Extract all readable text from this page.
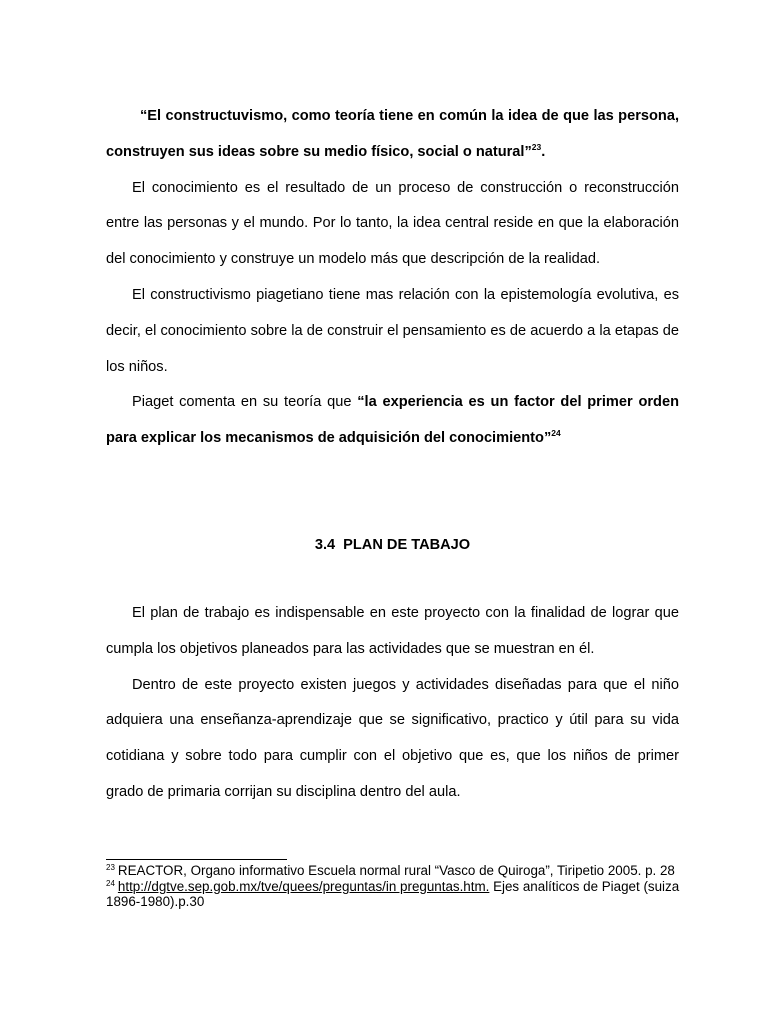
“El constructuvismo, como teoría tiene en común la idea de que las persona, construyen sus ideas sobre su medio físico, social o natural”$^{23}$.

El conocimiento es el resultado de un proceso de construcción o reconstrucción entre las personas y el mundo. Por lo tanto, la idea central reside en que la elaboración del conocimiento y construye un modelo más que descripción de la realidad.

El constructivismo piagetiano tiene mas relación con la epistemología evolutiva, es decir, el conocimiento sobre la de construir el pensamiento es de acuerdo a la etapas de los niños.

Piaget comenta en su teoría que “la experiencia es un factor del primer orden para explicar los mecanismos de adquisición del conocimiento”$^{24}$

3.4 PLAN DE TABAJO

El plan de trabajo es indispensable en este proyecto con la finalidad de lograr que cumpla los objetivos planeados para las actividades que se muestran en él.

Dentro de este proyecto existen juegos y actividades diseñadas para que el niño adquiera una enseñanza-aprendizaje que se significativo, practico y útil para su vida cotidiana y sobre todo para cumplir con el objetivo que es, que los niños de primer grado de primaria corrijan su disciplina dentro del aula.

$^{23}$ REACTOR, Organo informativo Escuela normal rural “Vasco de Quiroga”, Tiripetio 2005. p. 28

$^{24}$ http://dgtve.sep.gob.mx/tve/quees/preguntas/in preguntas.htm. Ejes analíticos de Piaget (suiza 1896-1980).p.30
